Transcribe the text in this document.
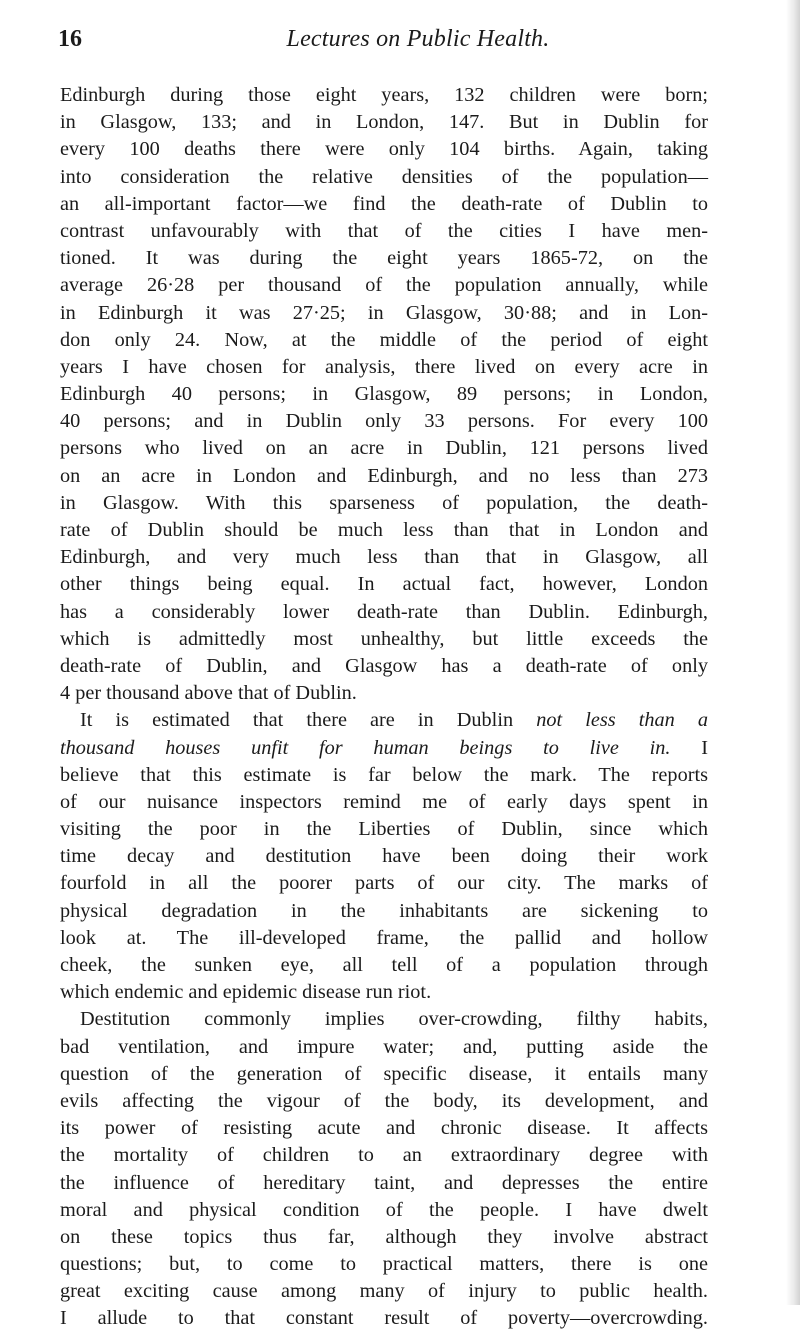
16	Lectures on Public Health.
Edinburgh during those eight years, 132 children were born;
in Glasgow, 133; and in London, 147. But in Dublin for
every 100 deaths there were only 104 births. Again, taking
into consideration the relative densities of the population—
an all-important factor—we find the death-rate of Dublin to
contrast unfavourably with that of the cities I have men-
tioned. It was during the eight years 1865-72, on the
average 26·28 per thousand of the population annually, while
in Edinburgh it was 27·25; in Glasgow, 30·88; and in Lon-
don only 24. Now, at the middle of the period of eight
years I have chosen for analysis, there lived on every acre in
Edinburgh 40 persons; in Glasgow, 89 persons; in London,
40 persons; and in Dublin only 33 persons. For every 100
persons who lived on an acre in Dublin, 121 persons lived
on an acre in London and Edinburgh, and no less than 273
in Glasgow. With this sparseness of population, the death-
rate of Dublin should be much less than that in London and
Edinburgh, and very much less than that in Glasgow, all
other things being equal. In actual fact, however, London
has a considerably lower death-rate than Dublin. Edinburgh,
which is admittedly most unhealthy, but little exceeds the
death-rate of Dublin, and Glasgow has a death-rate of only
4 per thousand above that of Dublin.
It is estimated that there are in Dublin not less than a
thousand houses unfit for human beings to live in. I
believe that this estimate is far below the mark. The reports
of our nuisance inspectors remind me of early days spent in
visiting the poor in the Liberties of Dublin, since which
time decay and destitution have been doing their work
fourfold in all the poorer parts of our city. The marks of
physical degradation in the inhabitants are sickening to
look at. The ill-developed frame, the pallid and hollow
cheek, the sunken eye, all tell of a population through
which endemic and epidemic disease run riot.
Destitution commonly implies over-crowding, filthy habits,
bad ventilation, and impure water; and, putting aside the
question of the generation of specific disease, it entails many
evils affecting the vigour of the body, its development, and
its power of resisting acute and chronic disease. It affects
the mortality of children to an extraordinary degree with
the influence of hereditary taint, and depresses the entire
moral and physical condition of the people. I have dwelt
on these topics thus far, although they involve abstract
questions; but, to come to practical matters, there is one
great exciting cause among many of injury to public health.
I allude to that constant result of poverty—overcrowding.
